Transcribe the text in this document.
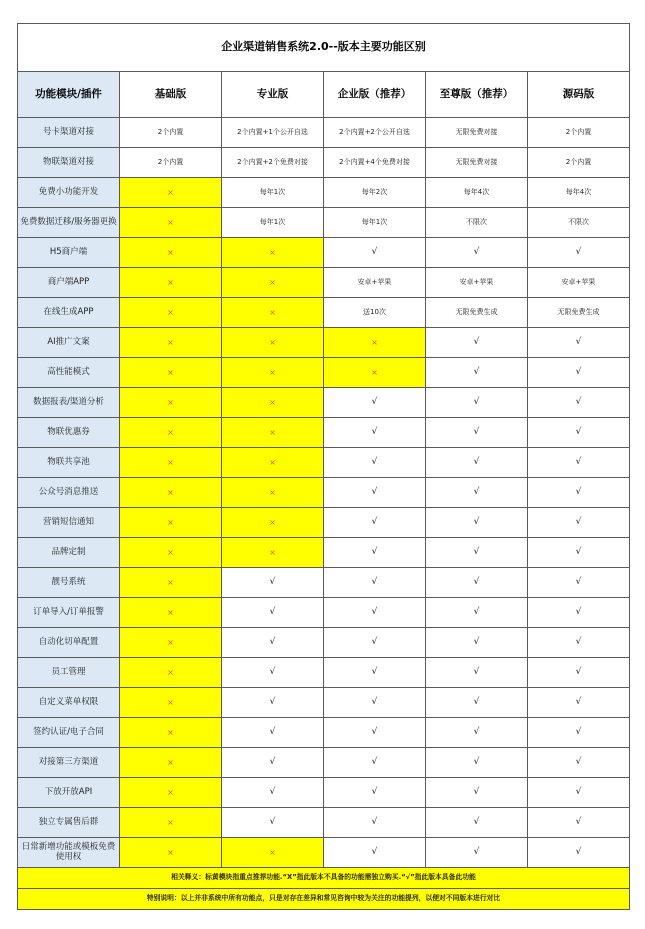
企业渠道销售系统2.0--版本主要功能区别					
功能模块/插件	基础版	专业版	企业版（推荐）	至尊版（推荐）	源码版
号卡渠道对接	2个内置	2个内置+1个公开自选	2个内置+2个公开自选	无限免费对接	2个内置
物联渠道对接	2个内置	2个内置+2个免费对接	2个内置+4个免费对接	无限免费对接	2个内置
免费小功能开发	×	每年1次	每年2次	每年4次	每年4次
免费数据迁移/服务器更换	×	每年1次	每年1次	不限次	不限次
H5商户端	×	×	√	√	√
商户端APP	×	×	安卓+苹果	安卓+苹果	安卓+苹果
在线生成APP	×	×	送10次	无限免费生成	无限免费生成
AI推广文案	×	×	×	√	√
高性能模式	×	×	×	√	√
数据报表/渠道分析	×	×	√	√	√
物联优惠券	×	×	√	√	√
物联共享池	×	×	√	√	√
公众号消息推送	×	×	√	√	√
营销短信通知	×	×	√	√	√
品牌定制	×	×	√	√	√
靓号系统	×	√	√	√	√
订单导入/订单报警	×	√	√	√	√
自动化切单配置	×	√	√	√	√
员工管理	×	√	√	√	√
自定义菜单权限	×	√	√	√	√
签约认证/电子合同	×	√	√	√	√
对接第三方渠道	×	√	√	√	√
下放开放API	×	√	√	√	√
独立专属售后群	×	√	√	√	√
日常新增功能或模板免费使用权	×	×	√	√	√
相关释义：标黄模块指重点推荐功能.“X”指此版本不具备的功能需独立购买.“√”指此版本具备此功能					
特别说明：以上并非系统中所有功能点，只是对存在差异和常见咨询中较为关注的功能提列，以便对不同版本进行对比					
